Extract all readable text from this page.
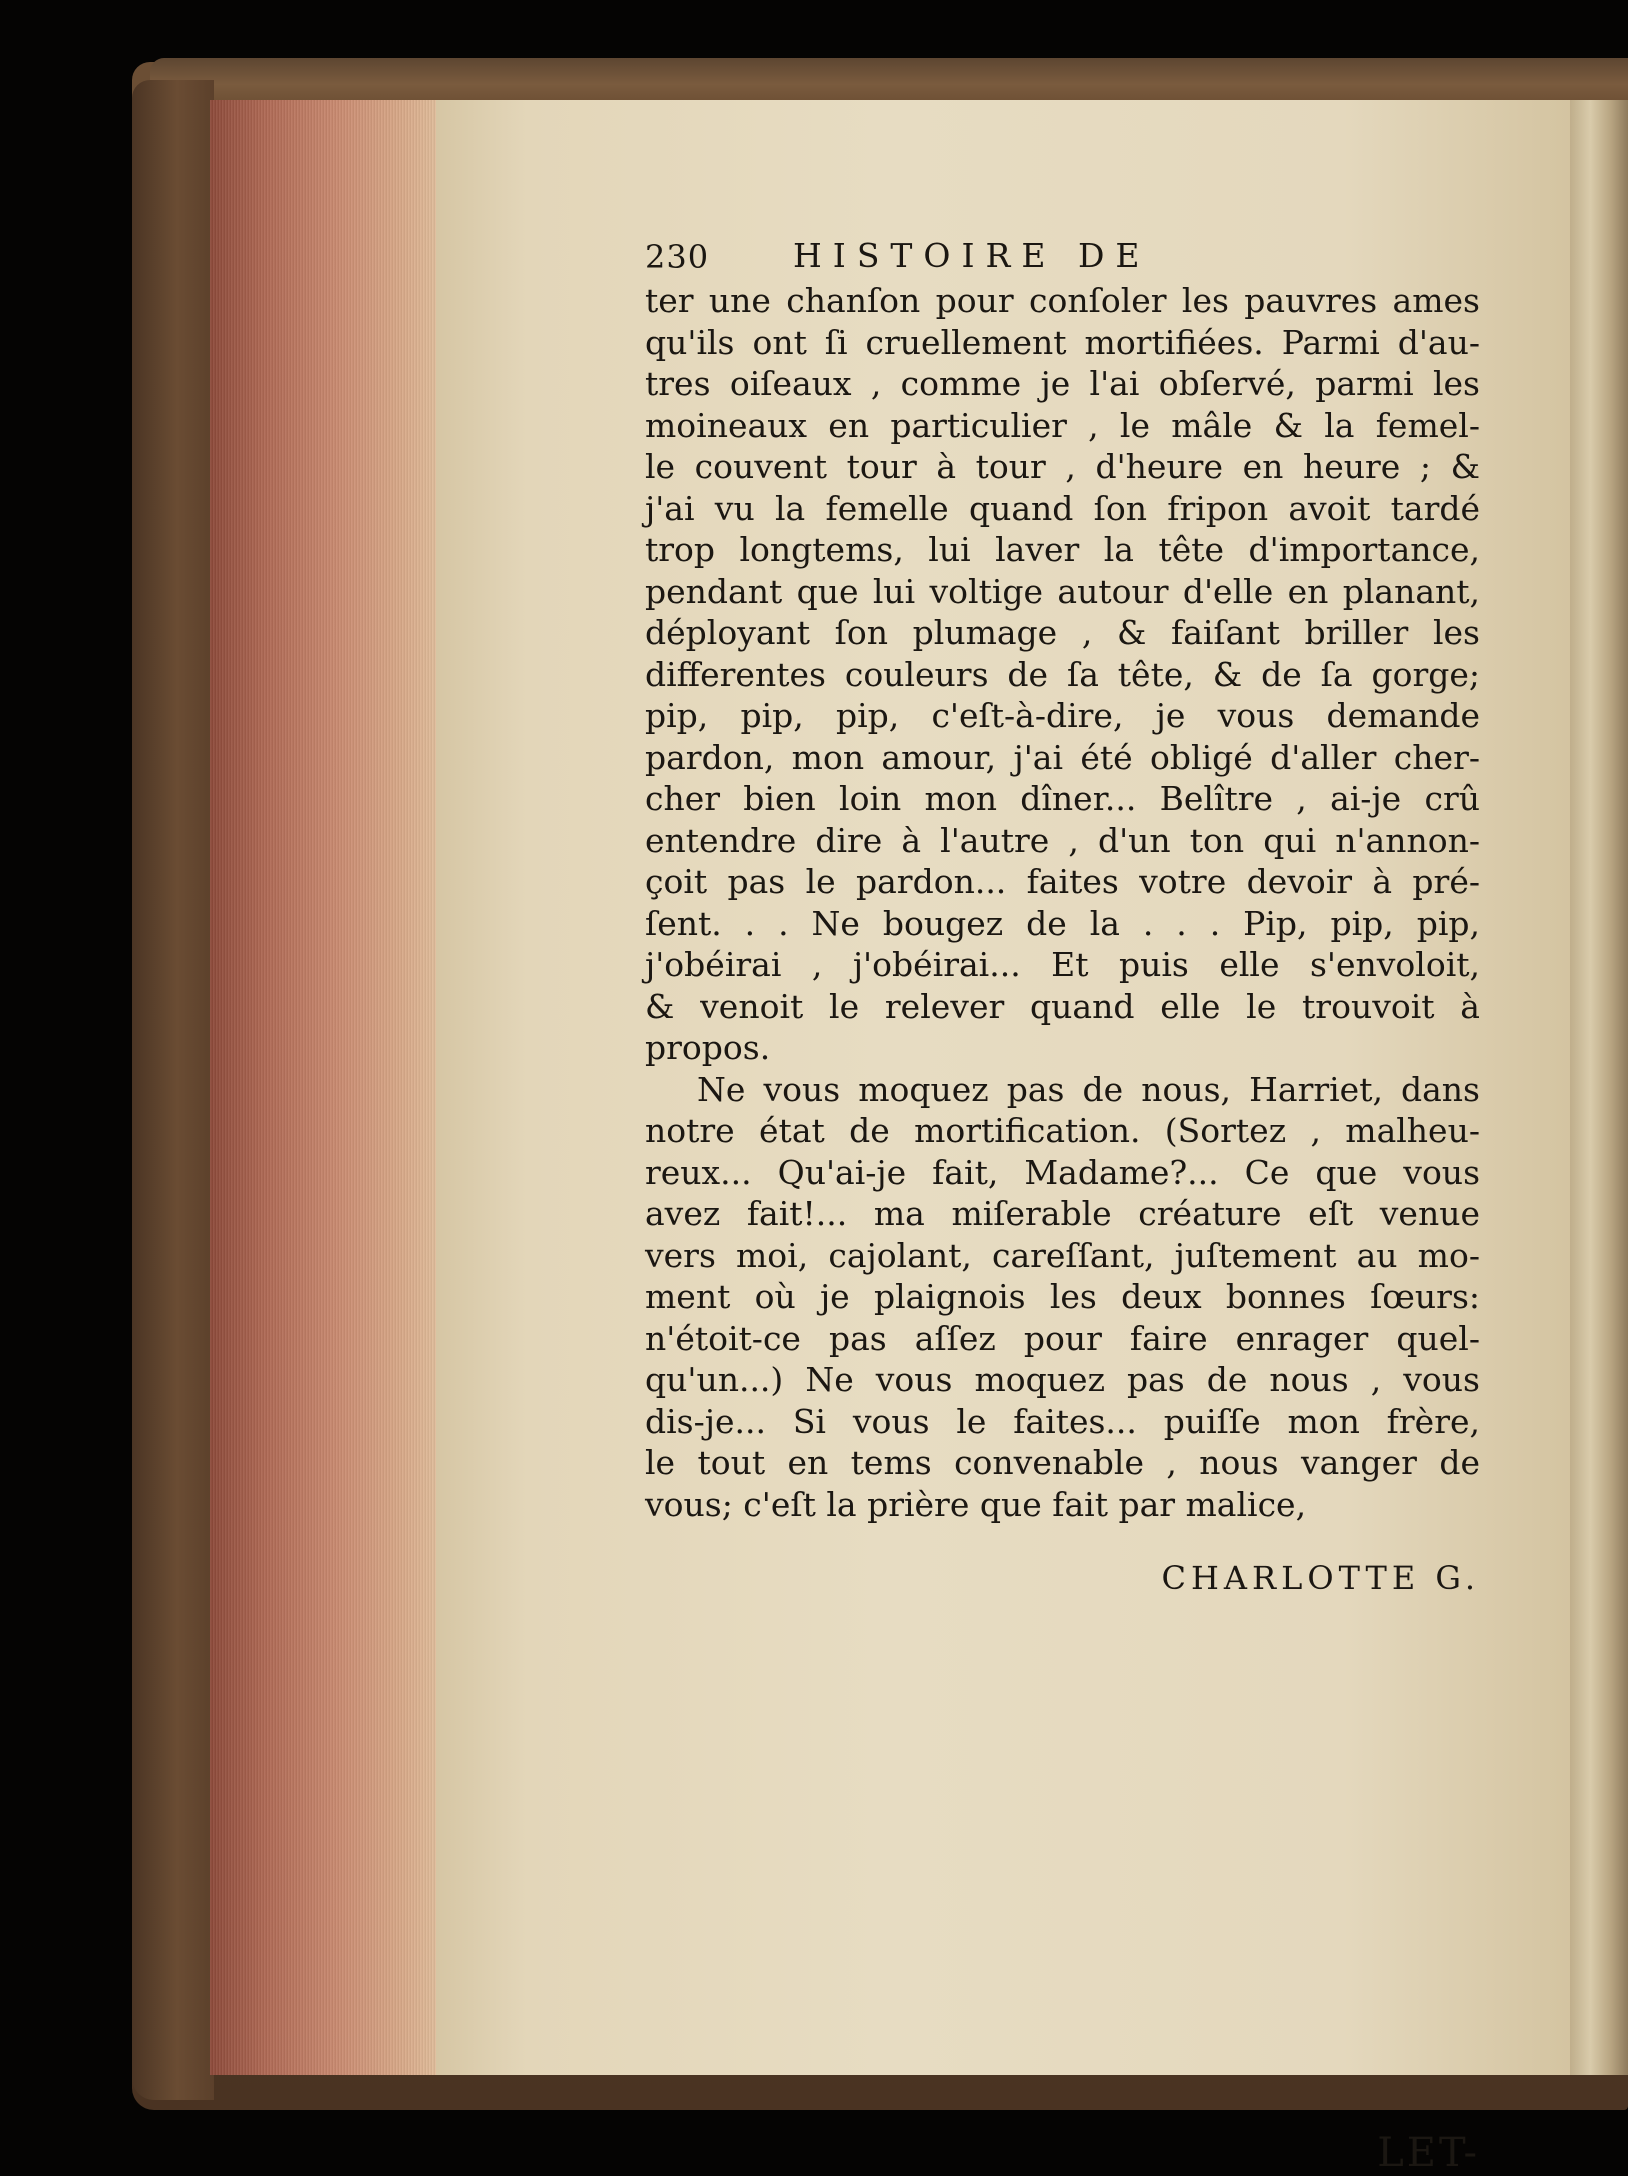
230	HISTOIRE DE
ter une chanſon pour conſoler les pauvres ames
qu'ils ont ſi cruellement mortifiées. Parmi d'au-
tres oiſeaux , comme je l'ai obſervé, parmi les
moineaux en particulier , le mâle & la femel-
le couvent tour à tour , d'heure en heure ; &
j'ai vu la femelle quand ſon fripon avoit tardé
trop longtems, lui laver la tête d'importance,
pendant que lui voltige autour d'elle en planant,
déployant ſon plumage , & faiſant briller les
differentes couleurs de ſa tête, & de ſa gorge;
pip, pip, pip, c'eſt-à-dire, je vous demande
pardon, mon amour, j'ai été obligé d'aller cher-
cher bien loin mon dîner... Belître , ai-je crû
entendre dire à l'autre , d'un ton qui n'annon-
çoit pas le pardon... faites votre devoir à pré-
ſent. . . Ne bougez de la . . . Pip, pip, pip,
j'obéirai , j'obéirai... Et puis elle s'envoloit,
& venoit le relever quand elle le trouvoit à
propos.
Ne vous moquez pas de nous, Harriet, dans
notre état de mortification. (Sortez , malheu-
reux... Qu'ai-je fait, Madame?... Ce que vous
avez fait!... ma miſerable créature eſt venue
vers moi, cajolant, careſſant, juſtement au mo-
ment où je plaignois les deux bonnes ſœurs:
n'étoit-ce pas aſſez pour faire enrager quel-
qu'un...) Ne vous moquez pas de nous , vous
dis-je... Si vous le faites... puiſſe mon frère,
le tout en tems convenable , nous vanger de
vous; c'eſt la prière que fait par malice,
CHARLOTTE G.
LET-
